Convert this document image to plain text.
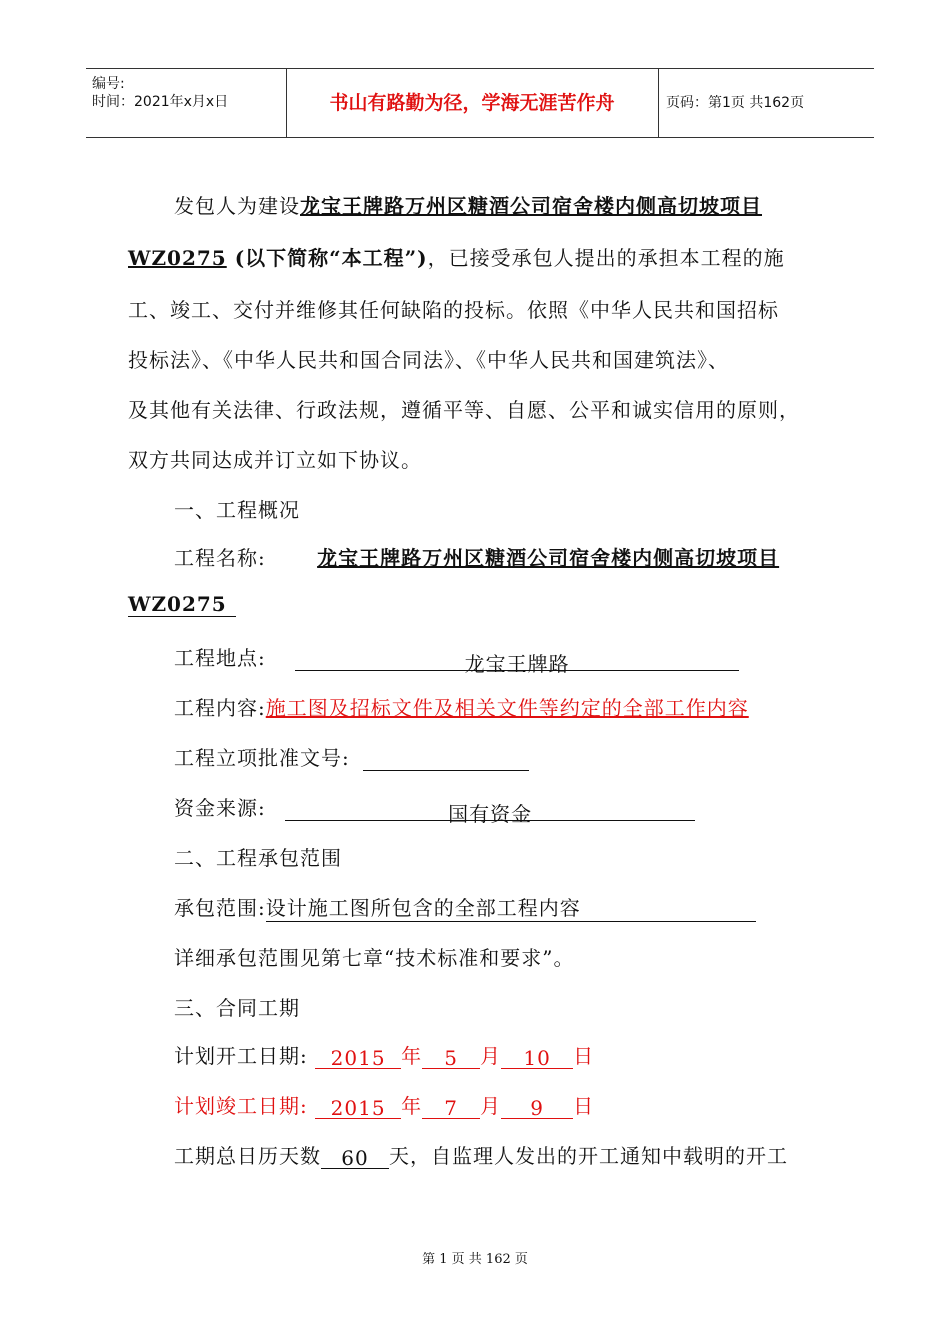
编号:
时间：2021年x月x日	书山有路勤为径，学海无涯苦作舟	页码：第1页 共162页
发包人为建设龙宝王牌路万州区糖酒公司宿舍楼内侧高切坡项目
WZ0275 (以下简称“本工程”)，已接受承包人提出的承担本工程的施
工、竣工、交付并维修其任何缺陷的投标。依照《中华人民共和国招标
投标法》、《中华人民共和国合同法》、《中华人民共和国建筑法》、
及其他有关法律、行政法规，遵循平等、自愿、公平和诚实信用的原则，
双方共同达成并订立如下协议。
一、工程概况
工程名称:	龙宝王牌路万州区糖酒公司宿舍楼内侧高切坡项目
WZ0275
工程地点:	龙宝王牌路
工程内容:施工图及招标文件及相关文件等约定的全部工作内容
工程立项批准文号:
资金来源:	国有资金
二、工程承包范围
承包范围:设计施工图所包含的全部工程内容
详细承包范围见第七章“技术标准和要求”。
三、合同工期
计划开工日期: 2015 年 5 月 10 日
计划竣工日期: 2015 年 7 月 9 日
工期总日历天数 60 天，自监理人发出的开工通知中载明的开工
第 1 页 共 162 页
